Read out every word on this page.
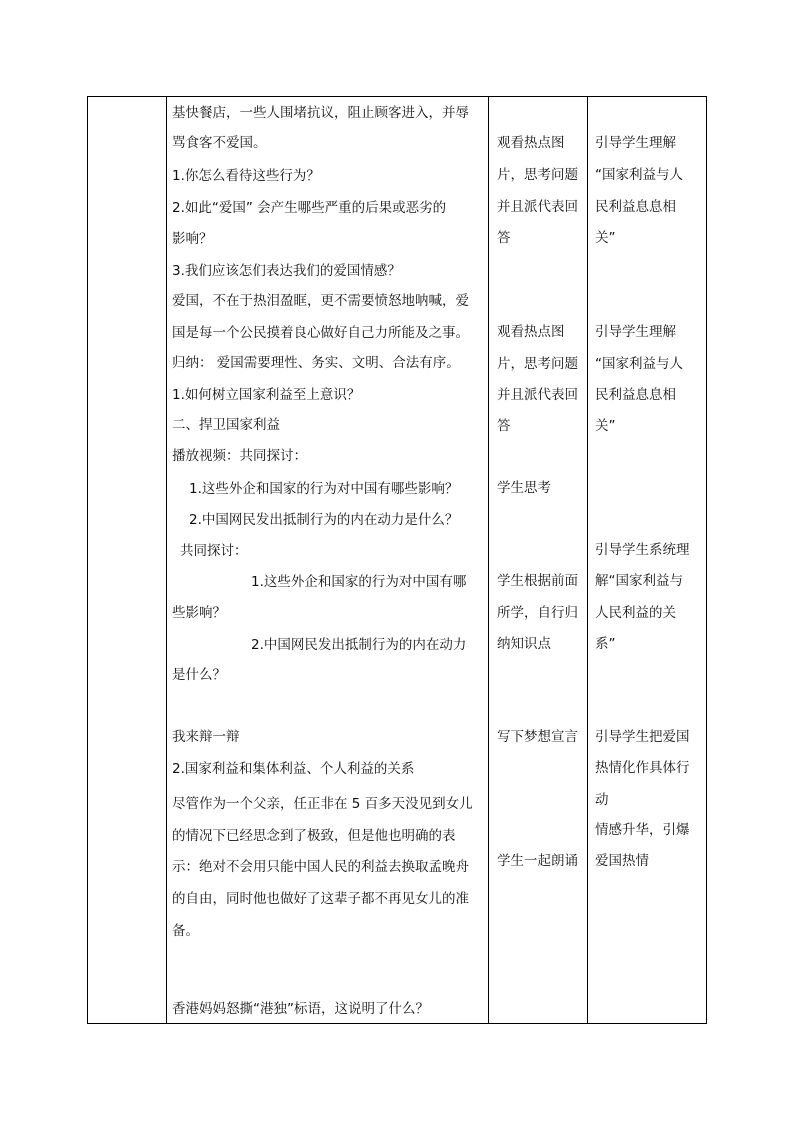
基快餐店，一些人围堵抗议，阻止顾客进入，并辱
骂食客不爱国。
1.你怎么看待这些行为？
2.如此“爱国” 会产生哪些严重的后果或恶劣的
影响？
3.我们应该怎们表达我们的爱国情感？
爱国，不在于热泪盈眶，更不需要愤怒地呐喊，爱
国是每一个公民摸着良心做好自己力所能及之事。
归纳： 爱国需要理性、务实、文明、合法有序。
1.如何树立国家利益至上意识？
二、捍卫国家利益
播放视频：共同探讨：
1.这些外企和国家的行为对中国有哪些影响？
2.中国网民发出抵制行为的内在动力是什么？
共同探讨：
1.这些外企和国家的行为对中国有哪
些影响？
2.中国网民发出抵制行为的内在动力
是什么？
我来辩一辩
2.国家利益和集体利益、个人利益的关系
尽管作为一个父亲，任正非在 5 百多天没见到女儿
的情况下已经思念到了极致，但是他也明确的表
示：绝对不会用只能中国人民的利益去换取孟晚舟
的自由，同时他也做好了这辈子都不再见女儿的准
备。
香港妈妈怒撕“港独”标语，这说明了什么？
观看热点图
片，思考问题
并且派代表回
答
观看热点图
片，思考问题
并且派代表回
答
学生思考
学生根据前面
所学，自行归
纳知识点
写下梦想宣言
学生一起朗诵
引导学生理解
“国家利益与人
民利益息息相
关”
引导学生理解
“国家利益与人
民利益息息相
关”
引导学生系统理
解“国家利益与
人民利益的关
系”
引导学生把爱国
热情化作具体行
动
情感升华，引爆
爱国热情
